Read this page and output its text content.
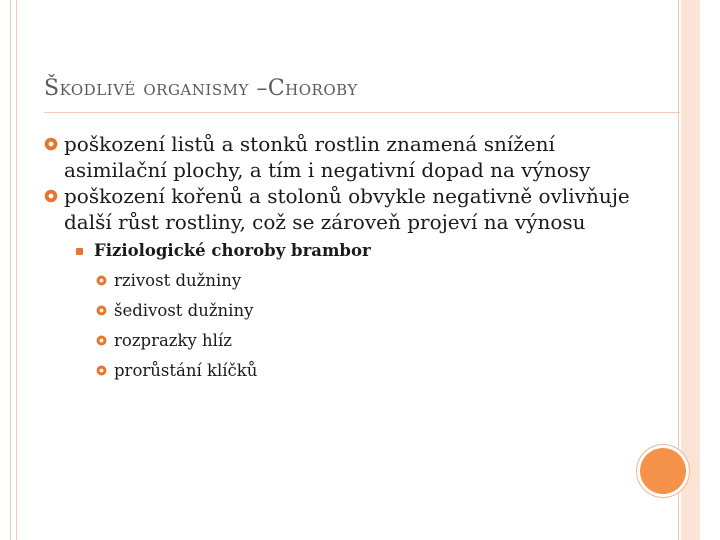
Škodlivé organismy –Choroby
poškození listů a stonků rostlin znamená snížení asimilační plochy, a tím i negativní dopad na výnosy
poškození kořenů a stolonů obvykle negativně ovlivňuje další růst rostliny, což se zároveň projeví na výnosu
Fiziologické choroby brambor
rzivost dužniny
šedivost dužniny
rozprazky hlíz
prorůstání klíčků
